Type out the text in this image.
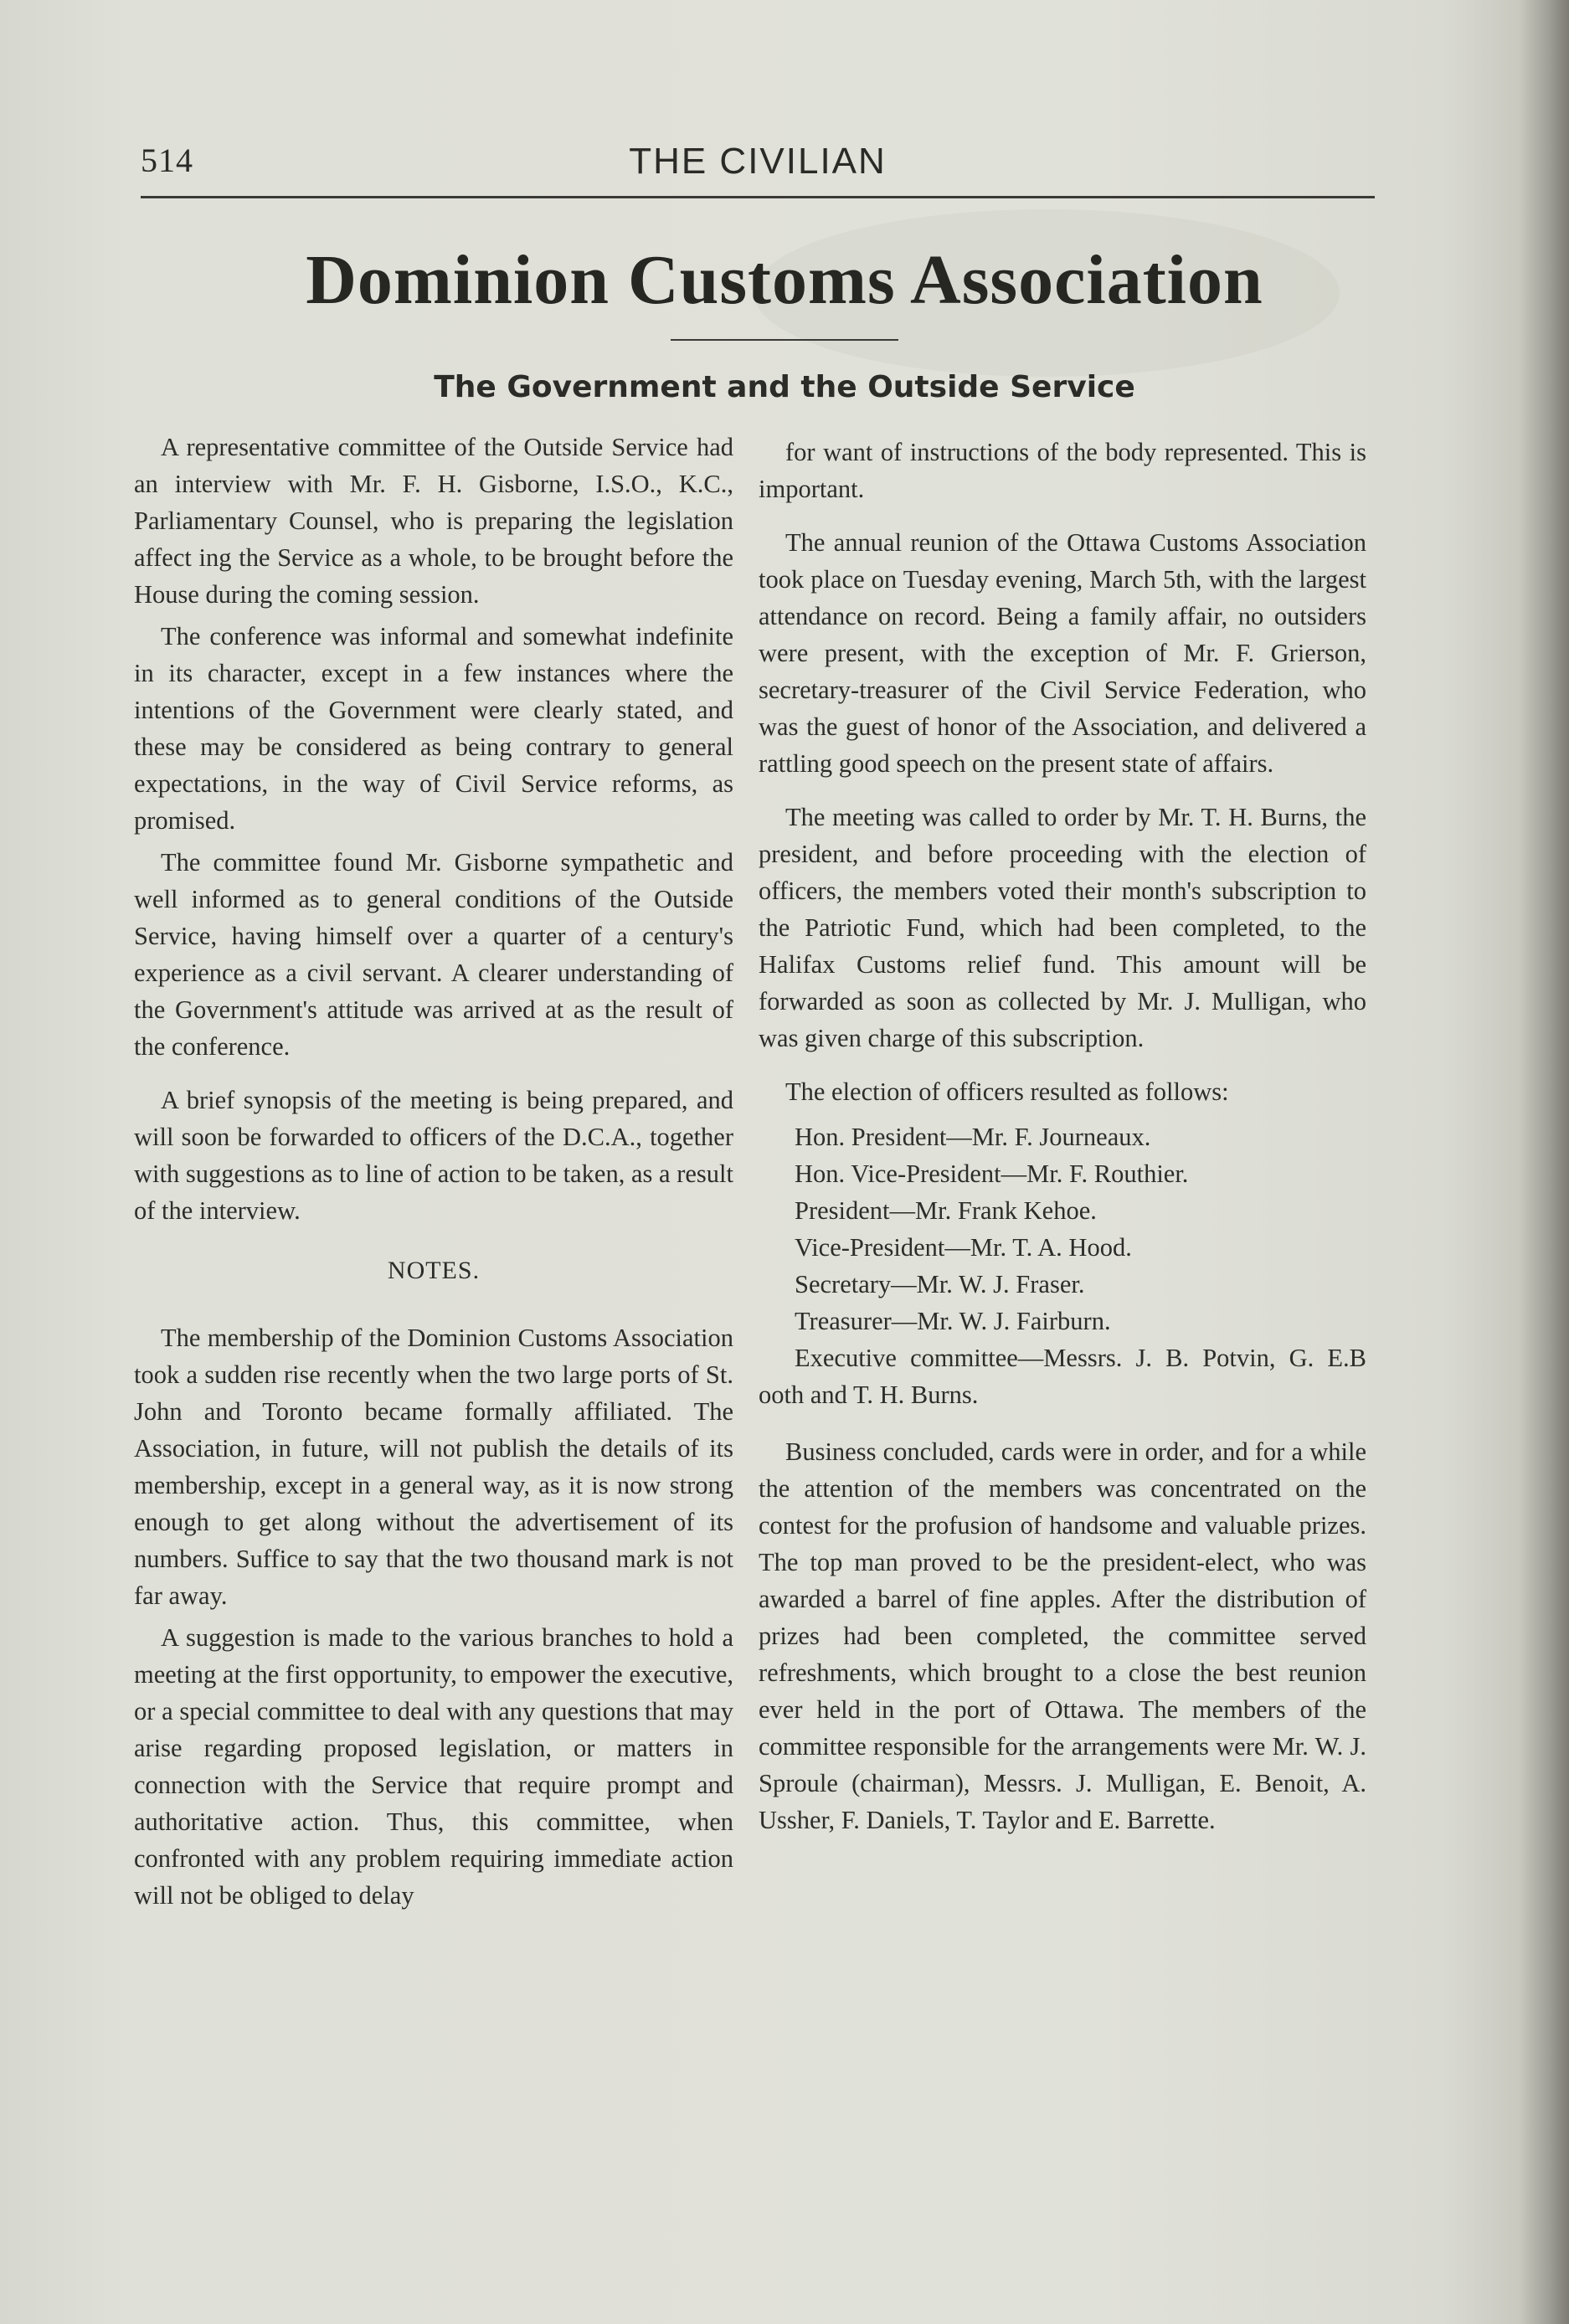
514	THE CIVILIAN
Dominion Customs Association
The Government and the Outside Service

A representative committee of the Outside Service had an interview with Mr. F. H. Gisborne, I.S.O., K.C., Parliamentary Counsel, who is preparing the legislation affect ing the Service as a whole, to be brought before the House during the coming session.

The conference was informal and somewhat indefinite in its character, except in a few instances where the intentions of the Government were clearly stated, and these may be considered as being contrary to general expectations, in the way of Civil Service reforms, as promised.

The committee found Mr. Gisborne sympathetic and well informed as to general conditions of the Outside Service, having himself over a quarter of a century's experience as a civil servant. A clearer understanding of the Government's attitude was arrived at as the result of the conference.

A brief synopsis of the meeting is being prepared, and will soon be forwarded to officers of the D.C.A., together with suggestions as to line of action to be taken, as a result of the interview.

NOTES.

The membership of the Dominion Customs Association took a sudden rise recently when the two large ports of St. John and Toronto became formally affiliated. The Association, in future, will not publish the details of its membership, except in a general way, as it is now strong enough to get along without the advertisement of its numbers. Suffice to say that the two thousand mark is not far away.

A suggestion is made to the various branches to hold a meeting at the first opportunity, to empower the executive, or a special committee to deal with any questions that may arise regarding proposed legislation, or matters in connection with the Service that require prompt and authoritative action. Thus, this committee, when confronted with any problem requiring immediate action will not be obliged to delay

for want of instructions of the body represented. This is important.

The annual reunion of the Ottawa Customs Association took place on Tuesday evening, March 5th, with the largest attendance on record. Being a family affair, no outsiders were present, with the exception of Mr. F. Grierson, secretary-treasurer of the Civil Service Federation, who was the guest of honor of the Association, and delivered a rattling good speech on the present state of affairs.

The meeting was called to order by Mr. T. H. Burns, the president, and before proceeding with the election of officers, the members voted their month's subscription to the Patriotic Fund, which had been completed, to the Halifax Customs relief fund. This amount will be forwarded as soon as collected by Mr. J. Mulligan, who was given charge of this subscription.

The election of officers resulted as follows:

Hon. President—Mr. F. Journeaux.
Hon. Vice-President—Mr. F. Routhier.
President—Mr. Frank Kehoe.
Vice-President—Mr. T. A. Hood.
Secretary—Mr. W. J. Fraser.
Treasurer—Mr. W. J. Fairburn.
Executive committee—Messrs. J. B. Potvin, G. E.B ooth and T. H. Burns.

Business concluded, cards were in order, and for a while the attention of the members was concentrated on the contest for the profusion of handsome and valuable prizes. The top man proved to be the president-elect, who was awarded a barrel of fine apples. After the distribution of prizes had been completed, the committee served refreshments, which brought to a close the best reunion ever held in the port of Ottawa. The members of the committee responsible for the arrangements were Mr. W. J. Sproule (chairman), Messrs. J. Mulligan, E. Benoit, A. Ussher, F. Daniels, T. Taylor and E. Barrette.
